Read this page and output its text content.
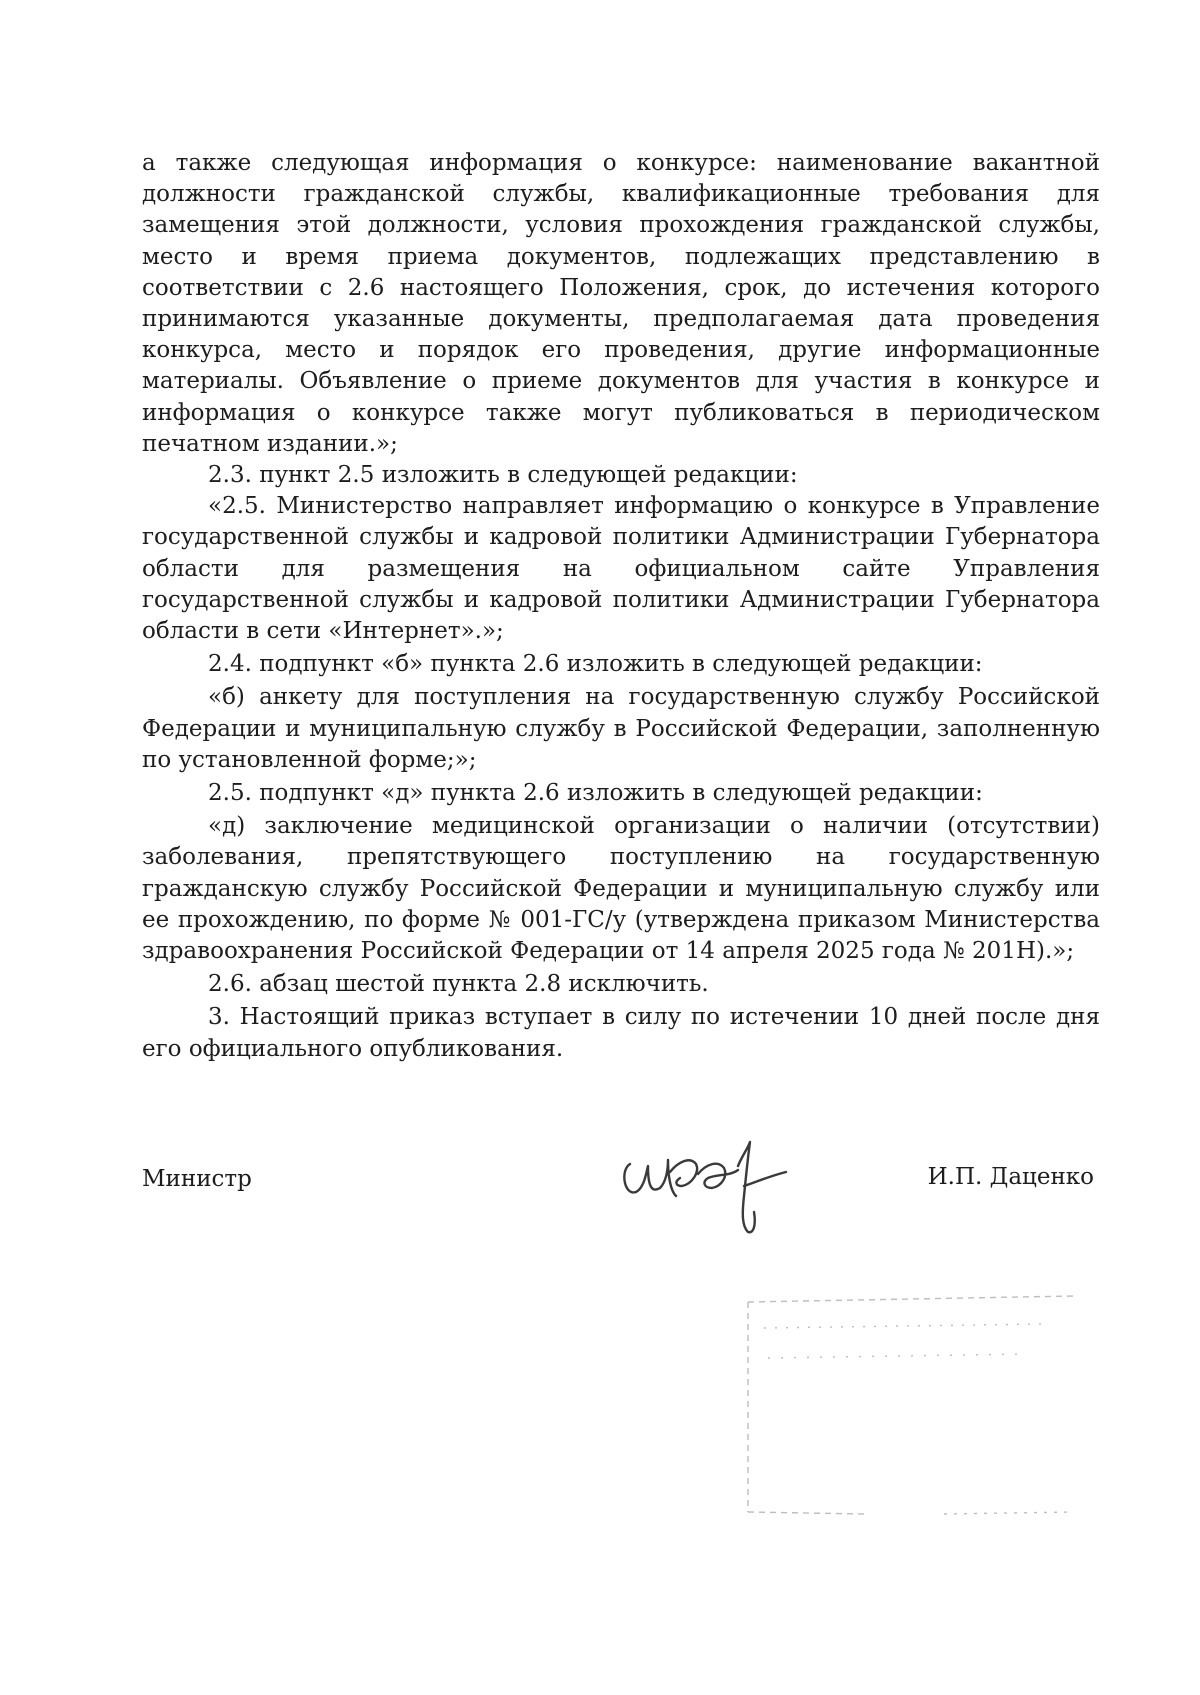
а также следующая информация о конкурсе: наименование вакантной должности гражданской службы, квалификационные требования для замещения этой должности, условия прохождения гражданской службы, место и время приема документов, подлежащих представлению в соответствии с 2.6 настоящего Положения, срок, до истечения которого принимаются указанные документы, предполагаемая дата проведения конкурса, место и порядок его проведения, другие информационные материалы. Объявление о приеме документов для участия в конкурсе и информация о конкурсе также могут публиковаться в периодическом печатном издании.»;

2.3. пункт 2.5 изложить в следующей редакции:

«2.5. Министерство направляет информацию о конкурсе в Управление государственной службы и кадровой политики Администрации Губернатора области для размещения на официальном сайте Управления государственной службы и кадровой политики Администрации Губернатора области в сети «Интернет».»;

2.4. подпункт «б» пункта 2.6 изложить в следующей редакции:

«б) анкету для поступления на государственную службу Российской Федерации и муниципальную службу в Российской Федерации, заполненную по установленной форме;»;

2.5. подпункт «д» пункта 2.6 изложить в следующей редакции:

«д) заключение медицинской организации о наличии (отсутствии) заболевания, препятствующего поступлению на государственную гражданскую службу Российской Федерации и муниципальную службу или ее прохождению, по форме № 001-ГС/у (утверждена приказом Министерства здравоохранения Российской Федерации от 14 апреля 2025 года № 201Н).»;

2.6. абзац шестой пункта 2.8 исключить.

3. Настоящий приказ вступает в силу по истечении 10 дней после дня его официального опубликования.

Министр	И.П. Даценко
